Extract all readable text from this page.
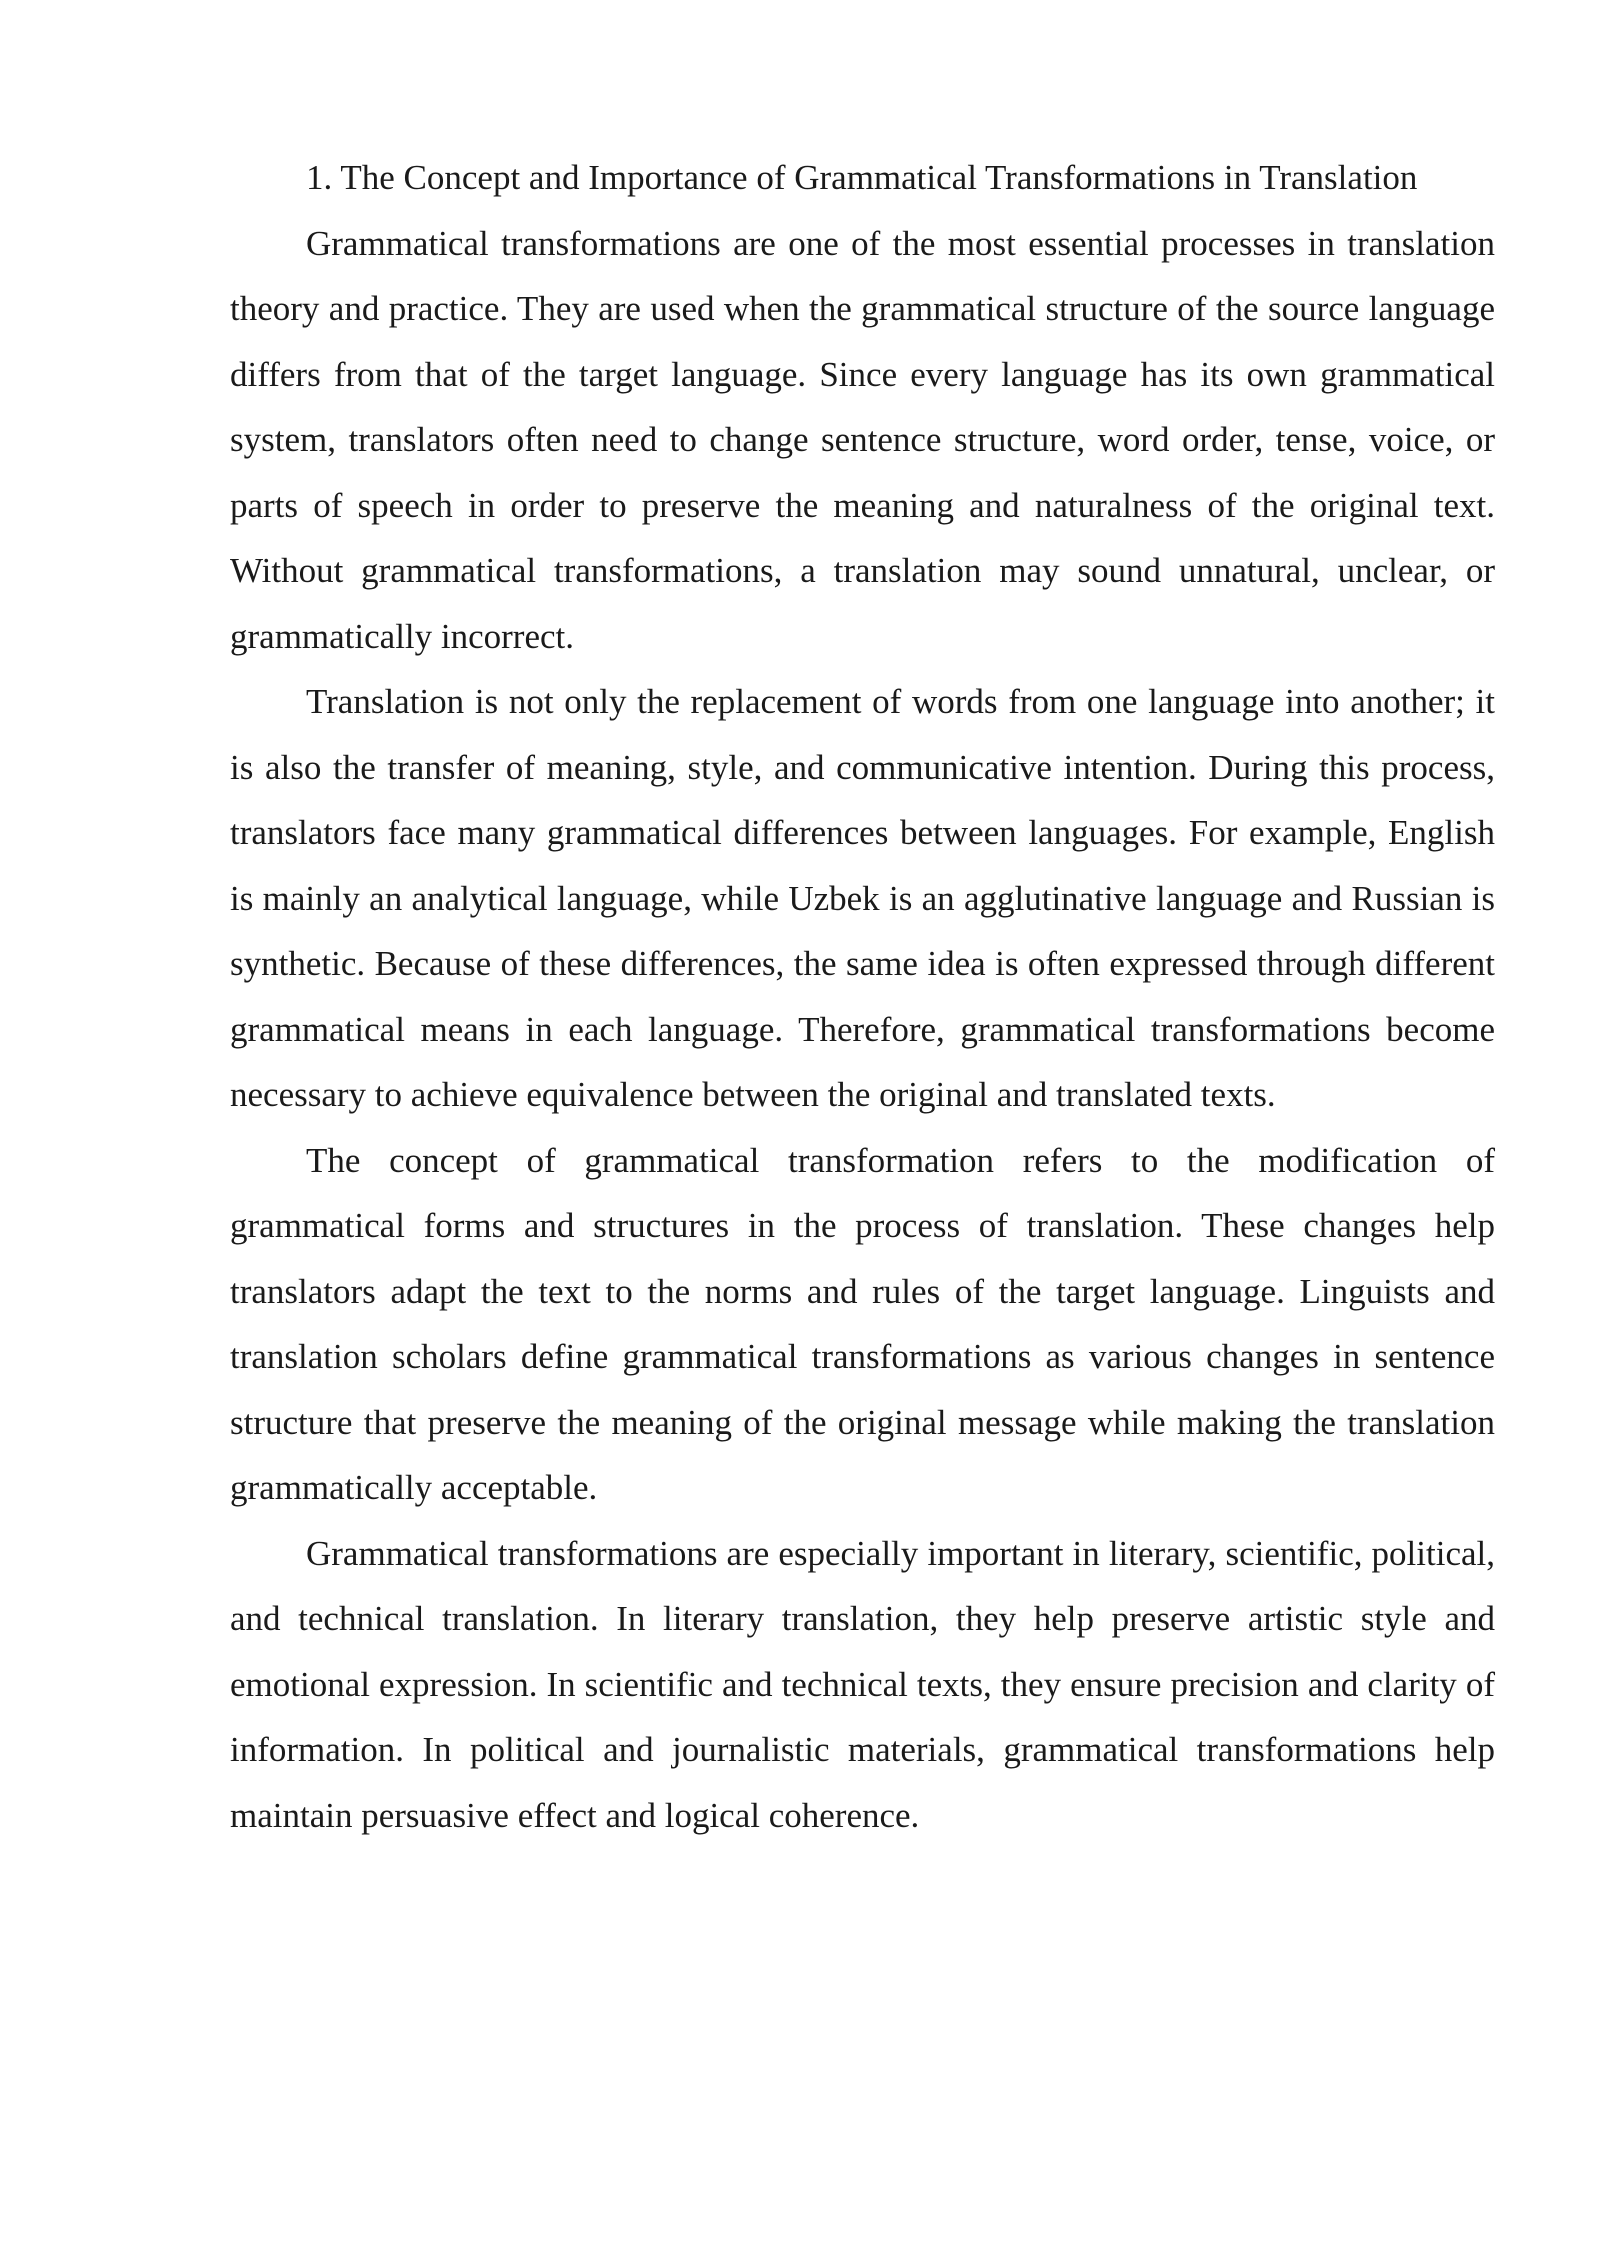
1. The Concept and Importance of Grammatical Transformations in Translation

Grammatical transformations are one of the most essential processes in translation theory and practice. They are used when the grammatical structure of the source language differs from that of the target language. Since every language has its own grammatical system, translators often need to change sentence structure, word order, tense, voice, or parts of speech in order to preserve the meaning and naturalness of the original text. Without grammatical transformations, a translation may sound unnatural, unclear, or grammatically incorrect.

Translation is not only the replacement of words from one language into another; it is also the transfer of meaning, style, and communicative intention. During this process, translators face many grammatical differences between languages. For example, English is mainly an analytical language, while Uzbek is an agglutinative language and Russian is synthetic. Because of these differences, the same idea is often expressed through different grammatical means in each language. Therefore, grammatical transformations become necessary to achieve equivalence between the original and translated texts.

The concept of grammatical transformation refers to the modification of grammatical forms and structures in the process of translation. These changes help translators adapt the text to the norms and rules of the target language. Linguists and translation scholars define grammatical transformations as various changes in sentence structure that preserve the meaning of the original message while making the translation grammatically acceptable.

Grammatical transformations are especially important in literary, scientific, political, and technical translation. In literary translation, they help preserve artistic style and emotional expression. In scientific and technical texts, they ensure precision and clarity of information. In political and journalistic materials, grammatical transformations help maintain persuasive effect and logical coherence.
